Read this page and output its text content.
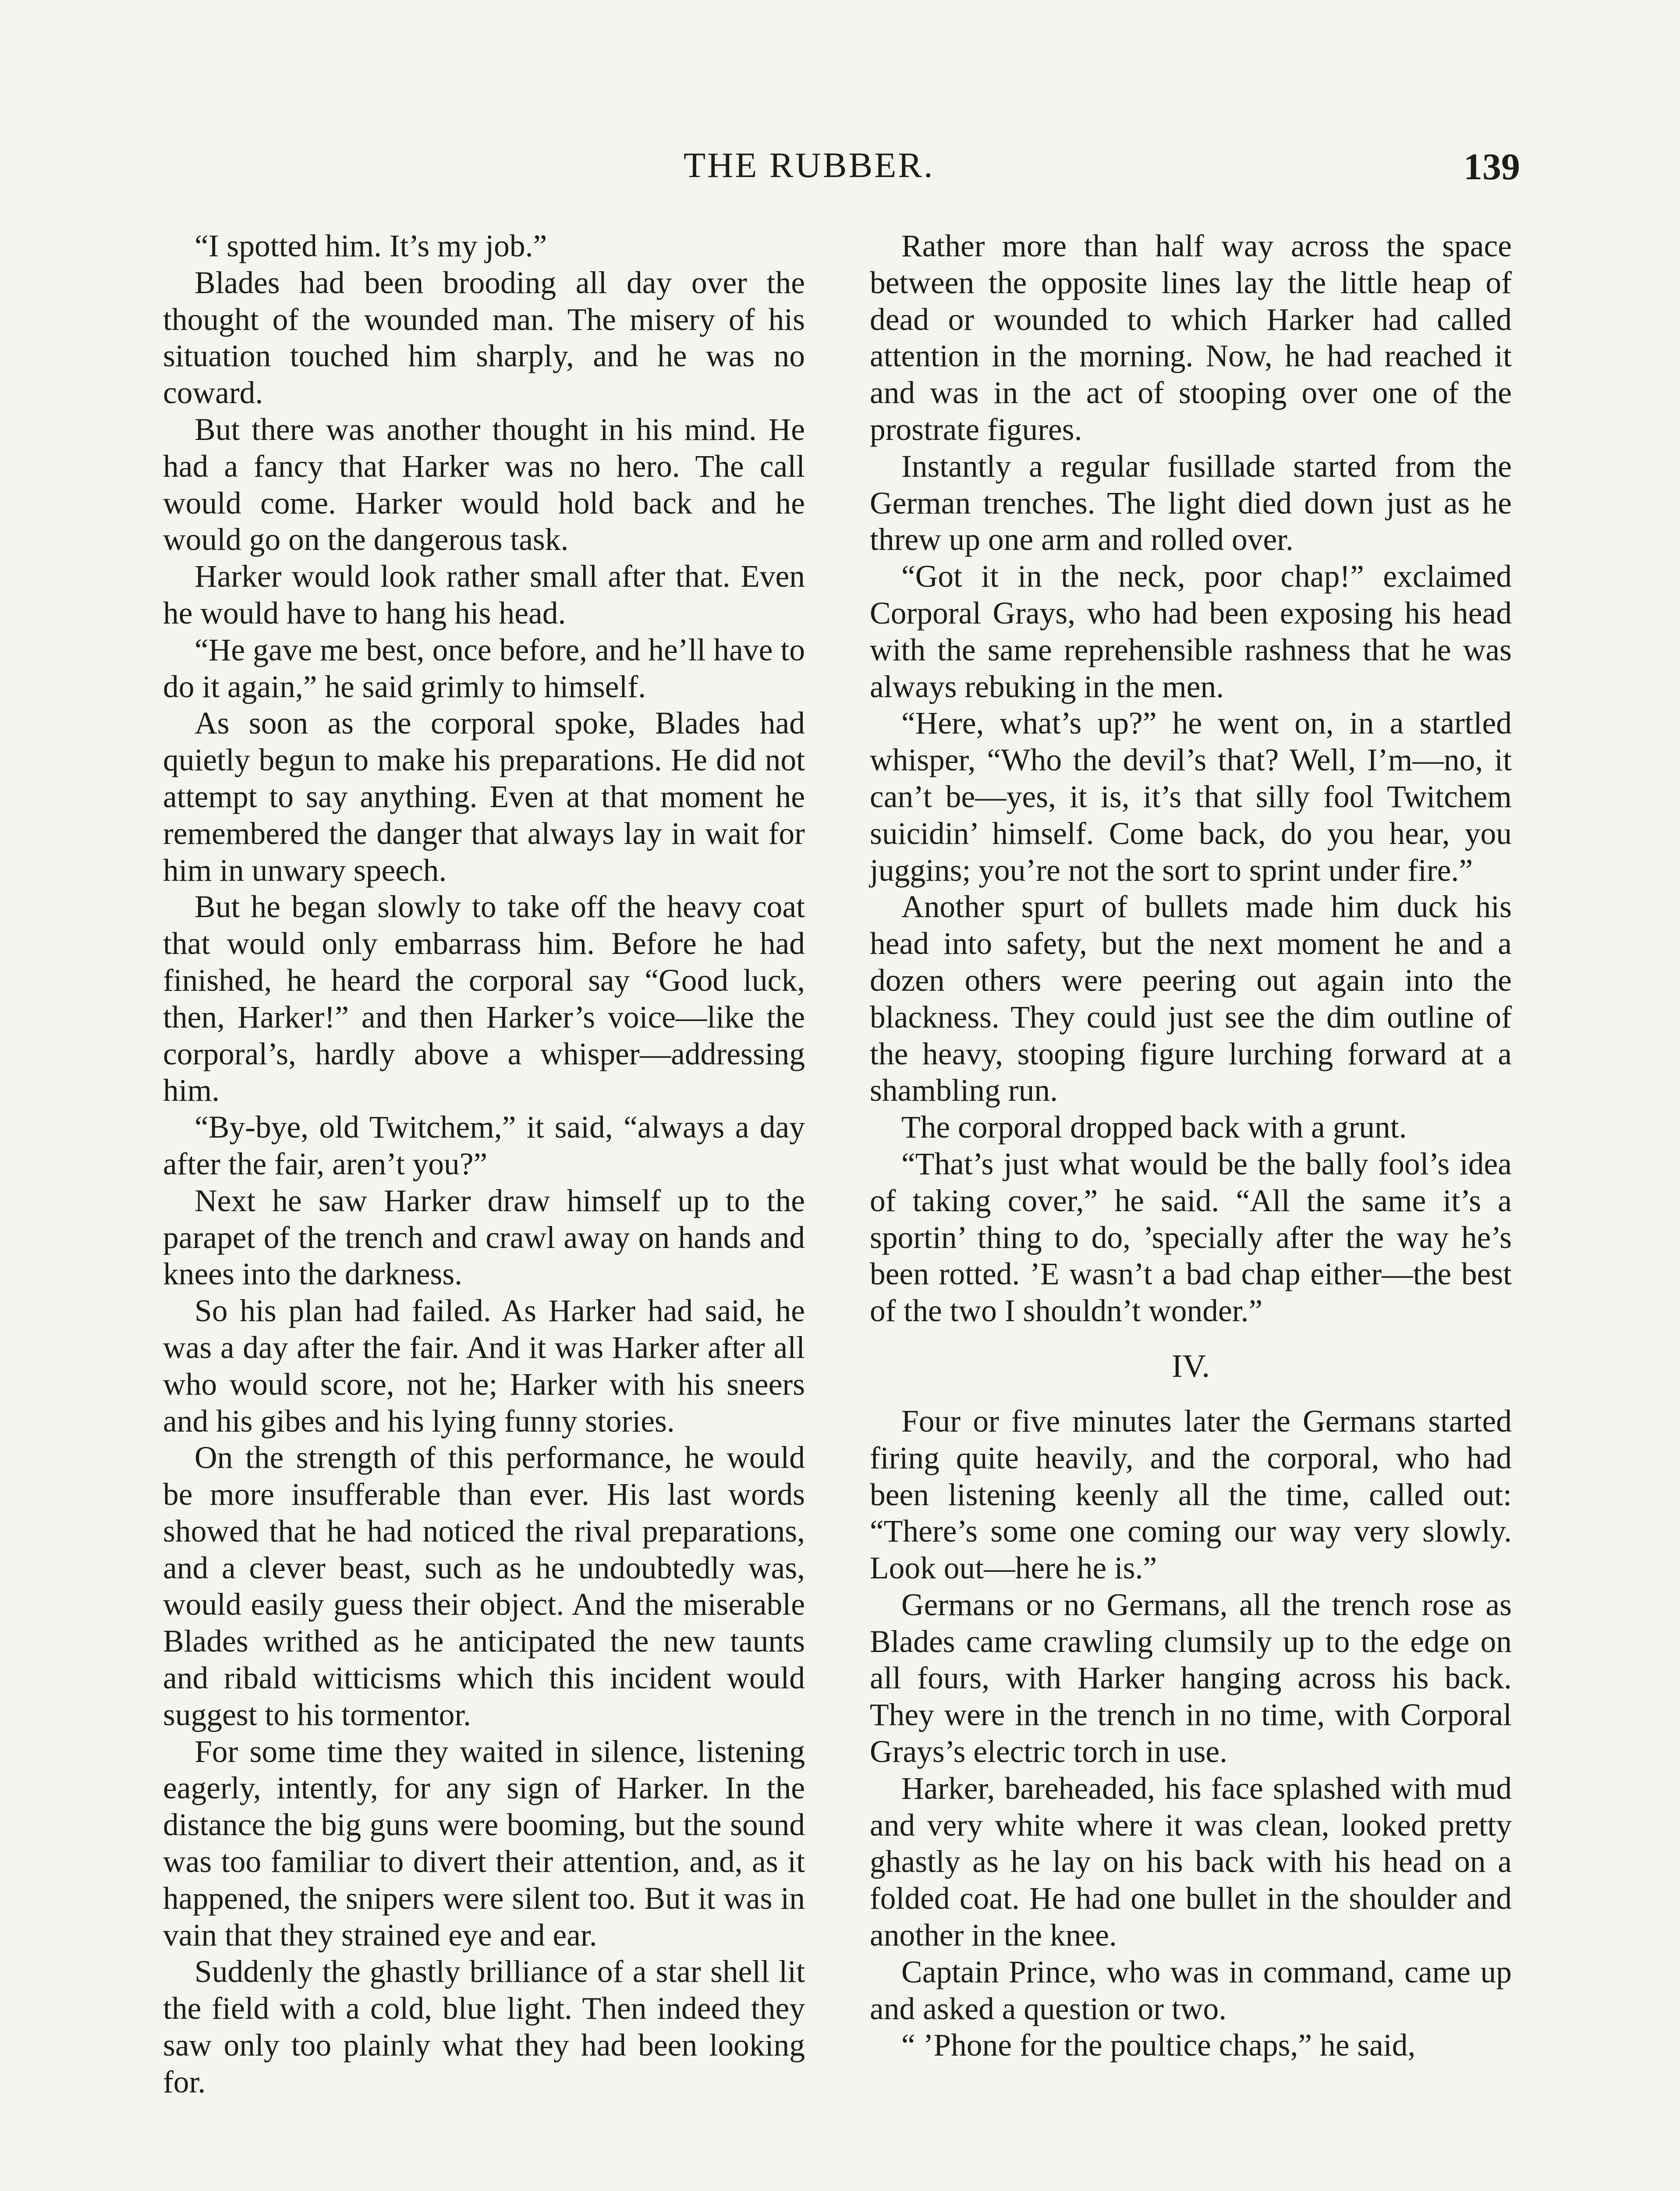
THE RUBBER.	139

“I spotted him. It’s my job.”

Blades had been brooding all day over the thought of the wounded man. The misery of his situation touched him sharply, and he was no coward.

But there was another thought in his mind. He had a fancy that Harker was no hero. The call would come. Harker would hold back and he would go on the dangerous task.

Harker would look rather small after that. Even he would have to hang his head.

“He gave me best, once before, and he’ll have to do it again,” he said grimly to himself.

As soon as the corporal spoke, Blades had quietly begun to make his preparations. He did not attempt to say anything. Even at that moment he remembered the danger that always lay in wait for him in unwary speech.

But he began slowly to take off the heavy coat that would only embarrass him. Before he had finished, he heard the corporal say “Good luck, then, Harker!” and then Harker’s voice—like the corporal’s, hardly above a whisper—addressing him.

“By-bye, old Twitchem,” it said, “always a day after the fair, aren’t you?”

Next he saw Harker draw himself up to the parapet of the trench and crawl away on hands and knees into the darkness.

So his plan had failed. As Harker had said, he was a day after the fair. And it was Harker after all who would score, not he; Harker with his sneers and his gibes and his lying funny stories.

On the strength of this performance, he would be more insufferable than ever. His last words showed that he had noticed the rival preparations, and a clever beast, such as he undoubtedly was, would easily guess their object. And the miserable Blades writhed as he anticipated the new taunts and ribald witticisms which this incident would suggest to his tormentor.

For some time they waited in silence, listening eagerly, intently, for any sign of Harker. In the distance the big guns were booming, but the sound was too familiar to divert their attention, and, as it happened, the snipers were silent too. But it was in vain that they strained eye and ear.

Suddenly the ghastly brilliance of a star shell lit the field with a cold, blue light. Then indeed they saw only too plainly what they had been looking for.

Rather more than half way across the space between the opposite lines lay the little heap of dead or wounded to which Harker had called attention in the morning. Now, he had reached it and was in the act of stooping over one of the prostrate figures.

Instantly a regular fusillade started from the German trenches. The light died down just as he threw up one arm and rolled over.

“Got it in the neck, poor chap!” exclaimed Corporal Grays, who had been exposing his head with the same reprehensible rashness that he was always rebuking in the men.

“Here, what’s up?” he went on, in a startled whisper, “Who the devil’s that? Well, I’m—no, it can’t be—yes, it is, it’s that silly fool Twitchem suicidin’ himself. Come back, do you hear, you juggins; you’re not the sort to sprint under fire.”

Another spurt of bullets made him duck his head into safety, but the next moment he and a dozen others were peering out again into the blackness. They could just see the dim outline of the heavy, stooping figure lurching forward at a shambling run.

The corporal dropped back with a grunt.

“That’s just what would be the bally fool’s idea of taking cover,” he said. “All the same it’s a sportin’ thing to do, ’specially after the way he’s been rotted. ’E wasn’t a bad chap either—the best of the two I shouldn’t wonder.”

IV.

Four or five minutes later the Germans started firing quite heavily, and the corporal, who had been listening keenly all the time, called out: “There’s some one coming our way very slowly. Look out—here he is.”

Germans or no Germans, all the trench rose as Blades came crawling clumsily up to the edge on all fours, with Harker hanging across his back. They were in the trench in no time, with Corporal Grays’s electric torch in use.

Harker, bareheaded, his face splashed with mud and very white where it was clean, looked pretty ghastly as he lay on his back with his head on a folded coat. He had one bullet in the shoulder and another in the knee.

Captain Prince, who was in command, came up and asked a question or two.

“ ’Phone for the poultice chaps,” he said,
